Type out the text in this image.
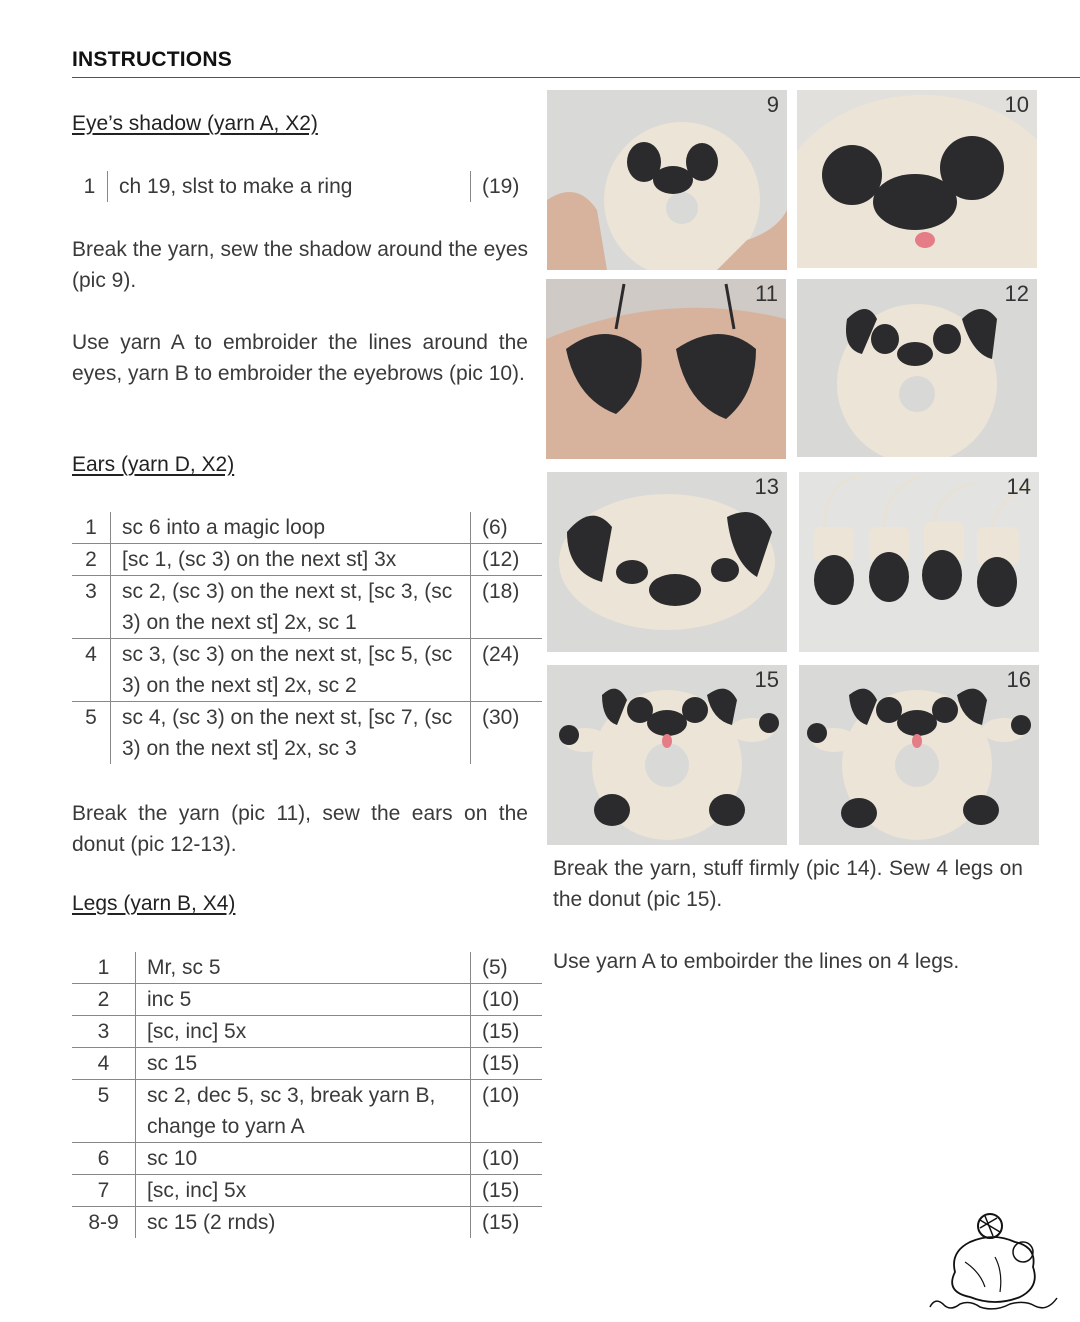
INSTRUCTIONS
Eye’s shadow (yarn A, X2)
1	ch 19, slst to make a ring	(19)
Break the yarn, sew the shadow around the eyes (pic 9).
Use yarn A to embroider the lines around the eyes, yarn B to embroider the eyebrows (pic 10).
Ears (yarn D, X2)
1	sc 6 into a magic loop	(6)
2	[sc 1, (sc 3) on the next st] 3x	(12)
3	sc 2, (sc 3) on the next st, [sc 3, (sc 3) on the next st] 2x, sc 1	(18)
4	sc 3, (sc 3) on the next st, [sc 5, (sc 3) on the next st] 2x, sc 2	(24)
5	sc 4, (sc 3) on the next st, [sc 7, (sc 3) on the next st] 2x, sc 3	(30)
Break the yarn (pic 11), sew the ears on the donut (pic 12-13).
Legs (yarn B, X4)
1	Mr, sc 5	(5)
2	inc 5	(10)
3	[sc, inc] 5x	(15)
4	sc 15	(15)
5	sc 2, dec 5, sc 3, break yarn B, change to yarn A	(10)
6	sc 10	(10)
7	[sc, inc] 5x	(15)
8-9	sc 15 (2 rnds)	(15)
9	10
11	12
13	14
15	16
Break the yarn, stuff firmly (pic 14). Sew 4 legs on the donut (pic 15).
Use yarn A to emboirder the lines on 4 legs.
